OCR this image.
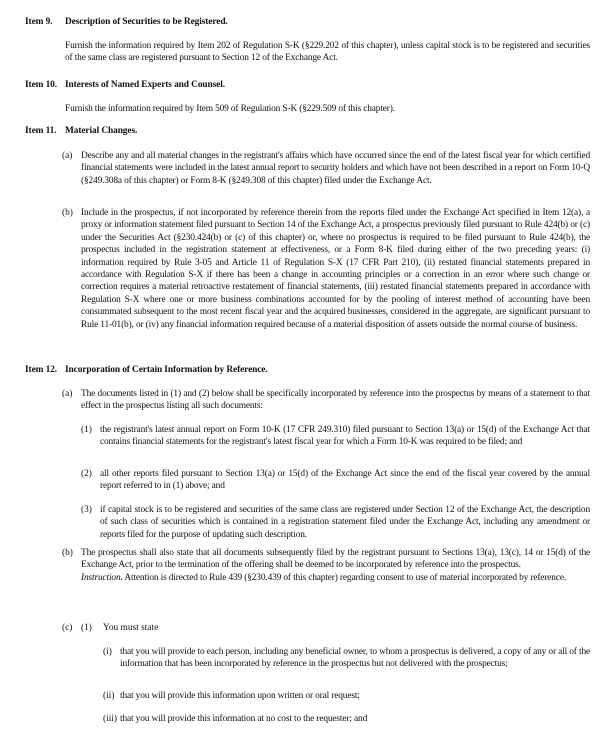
Item 9. Description of Securities to be Registered.
Furnish the information required by Item 202 of Regulation S-K (§229.202 of this chapter), unless capital stock is to be registered and securities of the same class are registered pursuant to Section 12 of the Exchange Act.
Item 10. Interests of Named Experts and Counsel.
Furnish the information required by Item 509 of Regulation S-K (§229.509 of this chapter).
Item 11. Material Changes.
(a) Describe any and all material changes in the registrant's affairs which have occurred since the end of the latest fiscal year for which certified financial statements were included in the latest annual report to security holders and which have not been described in a report on Form 10-Q (§249.308a of this chapter) or Form 8-K (§249.308 of this chapter) filed under the Exchange Act.
(b) Include in the prospectus, if not incorporated by reference therein from the reports filed under the Exchange Act specified in Item 12(a), a proxy or information statement filed pursuant to Section 14 of the Exchange Act, a prospectus previously filed pursuant to Rule 424(b) or (c) under the Securities Act (§230.424(b) or (c) of this chapter) or, where no prospectus is required to be filed pursuant to Rule 424(b), the prospectus included in the registration statement at effectiveness, or a Form 8-K filed during either of the two preceding years: (i) information required by Rule 3-05 and Article 11 of Regulation S-X (17 CFR Part 210), (ii) restated financial statements prepared in accordance with Regulation S-X if there has been a change in accounting principles or a correction in an error where such change or correction requires a material retroactive restatement of financial statements, (iii) restated financial statements prepared in accordance with Regulation S-X where one or more business combinations accounted for by the pooling of interest method of accounting have been consummated subsequent to the most recent fiscal year and the acquired businesses, considered in the aggregate, are significant pursuant to Rule 11-01(b), or (iv) any financial information required because of a material disposition of assets outside the normal course of business.
Item 12. Incorporation of Certain Information by Reference.
(a) The documents listed in (1) and (2) below shall be specifically incorporated by reference into the prospectus by means of a statement to that effect in the prospectus listing all such documents:
(1) the registrant's latest annual report on Form 10-K (17 CFR 249.310) filed pursuant to Section 13(a) or 15(d) of the Exchange Act that contains financial statements for the registrant's latest fiscal year for which a Form 10-K was required to be filed; and
(2) all other reports filed pursuant to Section 13(a) or 15(d) of the Exchange Act since the end of the fiscal year covered by the annual report referred to in (1) above; and
(3) if capital stock is to be registered and securities of the same class are registered under Section 12 of the Exchange Act, the description of such class of securities which is contained in a registration statement filed under the Exchange Act, including any amendment or reports filed for the purpose of updating such description.
(b) The prospectus shall also state that all documents subsequently filed by the registrant pursuant to Sections 13(a), 13(c), 14 or 15(d) of the Exchange Act, prior to the termination of the offering shall be deemed to be incorporated by reference into the prospectus.
Instruction. Attention is directed to Rule 439 (§230.439 of this chapter) regarding consent to use of material incorporated by reference.
(c) (1) You must state
(i) that you will provide to each person, including any beneficial owner, to whom a prospectus is delivered, a copy of any or all of the information that has been incorporated by reference in the prospectus but not delivered with the prospectus;
(ii) that you will provide this information upon written or oral request;
(iii) that you will provide this information at no cost to the requester; and
